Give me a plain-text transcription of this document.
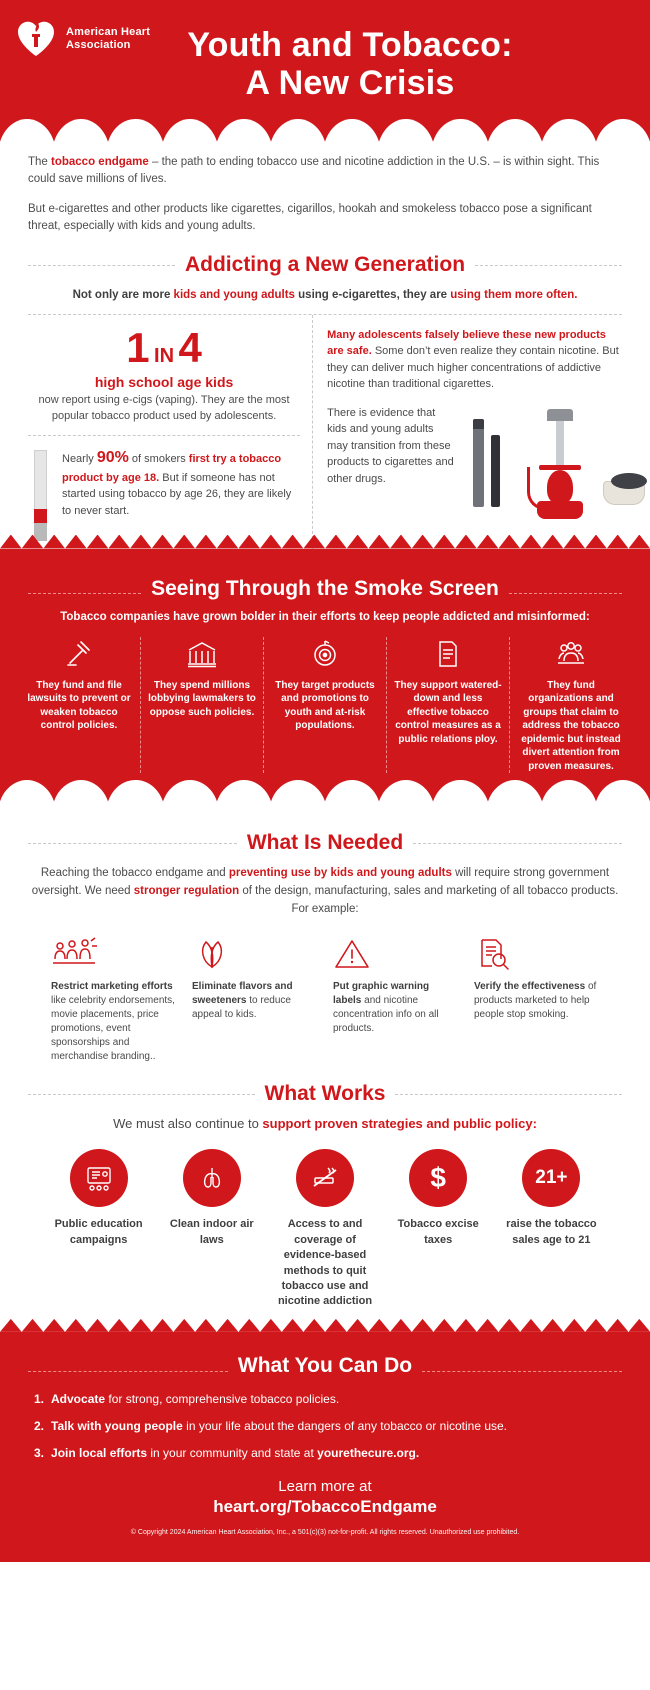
American Heart
Association	Youth and Tobacco:
A New Crisis

The tobacco endgame – the path to ending tobacco use and nicotine addiction in the U.S. – is within sight. This could save millions of lives.

But e-cigarettes and other products like cigarettes, cigarillos, hookah and smokeless tobacco pose a significant threat, especially with kids and young adults.

Addicting a New Generation
Not only are more kids and young adults using e-cigarettes, they are using them more often.
1 IN 4
high school age kids
now report using e-cigs (vaping). They are the most popular tobacco product used by adolescents.
Nearly 90% of smokers first try a tobacco product by age 18. But if someone has not started using tobacco by age 26, they are likely to never start.

Many adolescents falsely believe these new products are safe. Some don’t even realize they contain nicotine. But they can deliver much higher concentrations of addictive nicotine than traditional cigarettes.

There is evidence that kids and young adults may transition from these products to cigarettes and other drugs.
Seeing Through the Smoke Screen

Tobacco companies have grown bolder in their efforts to keep people addicted and misinformed:

They fund and file lawsuits to prevent or weaken tobacco control policies.
They spend millions lobbying lawmakers to oppose such policies.
They target products and promotions to youth and at-risk populations.
They support watered-down and less effective tobacco control measures as a public relations ploy.
They fund organizations and groups that claim to address the tobacco epidemic but instead divert attention from proven measures.
What Is Needed

Reaching the tobacco endgame and preventing use by kids and young adults will require strong government oversight. We need stronger regulation of the design, manufacturing, sales and marketing of all tobacco products. For example:

Restrict marketing efforts like celebrity endorsements, movie placements, price promotions, event sponsorships and merchandise branding..
Eliminate flavors and sweeteners to reduce appeal to kids.
Put graphic warning labels and nicotine concentration info on all products.
Verify the effectiveness of products marketed to help people stop smoking.
What Works
We must also continue to support proven strategies and public policy:
Public education campaigns
Clean indoor air laws
Access to and coverage of evidence-based methods to quit tobacco use and nicotine addiction
$
Tobacco excise taxes
21+
raise the tobacco sales age to 21
What You Can Do
1. Advocate for strong, comprehensive tobacco policies.
2. Talk with young people in your life about the dangers of any tobacco or nicotine use.
3. Join local efforts in your community and state at yourethecure.org.
Learn more at
heart.org/TobaccoEndgame
© Copyright 2024 American Heart Association, Inc., a 501(c)(3) not-for-profit. All rights reserved. Unauthorized use prohibited.
